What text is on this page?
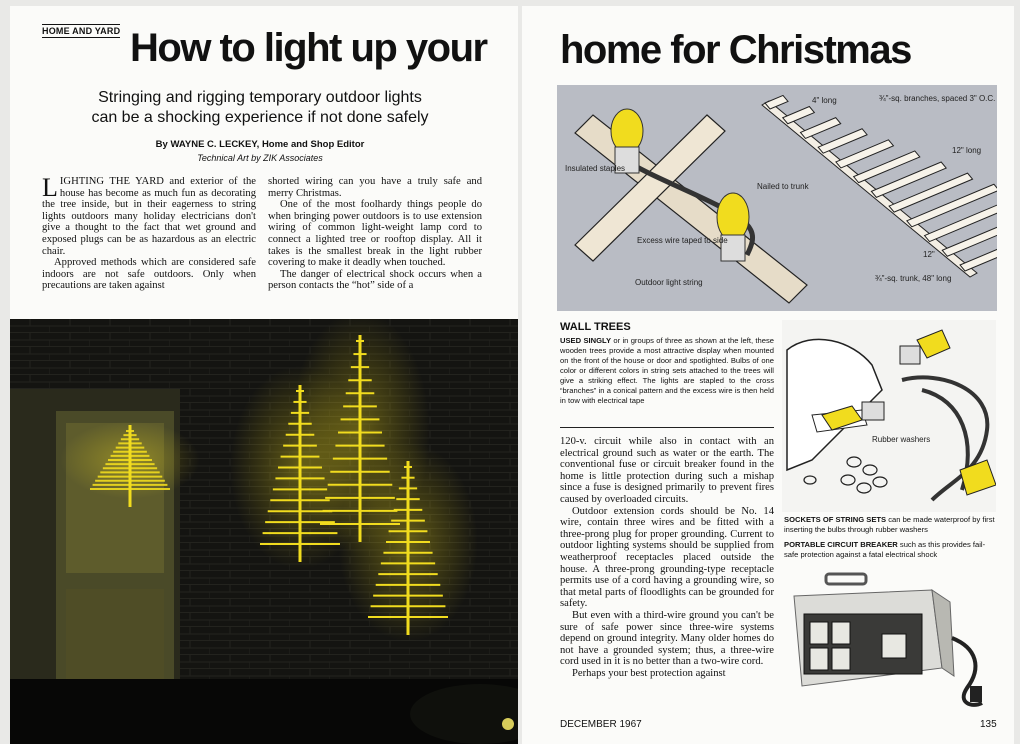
HOME AND YARD How to light up your
Stringing and rigging temporary outdoor lights
can be a shocking experience if not done safely
By WAYNE C. LECKEY, Home and Shop Editor
Technical Art by ZIK Associates

LIGHTING THE YARD and exterior of the house has become as much fun as decorating the tree inside, but in their eagerness to string lights outdoors many holiday electricians don't give a thought to the fact that wet ground and exposed plugs can be as hazardous as an electric chair.

Approved methods which are considered safe indoors are not safe outdoors. Only when precautions are taken against

shorted wiring can you have a truly safe and merry Christmas.

One of the most foolhardy things people do when bringing power outdoors is to use extension wiring of common light-weight lamp cord to connect a lighted tree or rooftop display. All it takes is the smallest break in the light rubber covering to make it deadly when touched.

The danger of electrical shock occurs when a person contacts the “hot” side of a

home for Christmas
Insulated staples
Excess wire taped to side
Outdoor light string
Nailed to trunk
4" long	¾"-sq. branches, spaced 3" O.C.
12" long
12"
¾"-sq. trunk, 48" long
WALL TREES
USED SINGLY or in groups of three as shown at the left, these wooden trees provide a most attractive display when mounted on the front of the house or door and spotlighted. Bulbs of one color or different colors in string sets attached to the trees will give a striking effect. The lights are stapled to the cross “branches” in a conical pattern and the excess wire is then held in tow with electrical tape

120-v. circuit while also in contact with an electrical ground such as water or the earth. The conventional fuse or circuit breaker found in the home is little protection during such a mishap since a fuse is designed primarily to prevent fires caused by overloaded circuits.

Outdoor extension cords should be No. 14 wire, contain three wires and be fitted with a three-prong plug for proper grounding. Current to outdoor lighting systems should be supplied from weatherproof receptacles placed outside the house. A three-prong grounding-type receptacle permits use of a cord having a grounding wire, so that metal parts of floodlights can be grounded for safety.

But even with a third-wire ground you can't be sure of safe power since three-wire systems depend on ground integrity. Many older homes do not have a grounded system; thus, a three-wire cord used in it is no better than a two-wire cord.

Perhaps your best protection against

Rubber washers
SOCKETS OF STRING SETS can be made waterproof by first inserting the bulbs through rubber washers
PORTABLE CIRCUIT BREAKER such as this provides fail-safe protection against a fatal electrical shock
DECEMBER 1967	135
